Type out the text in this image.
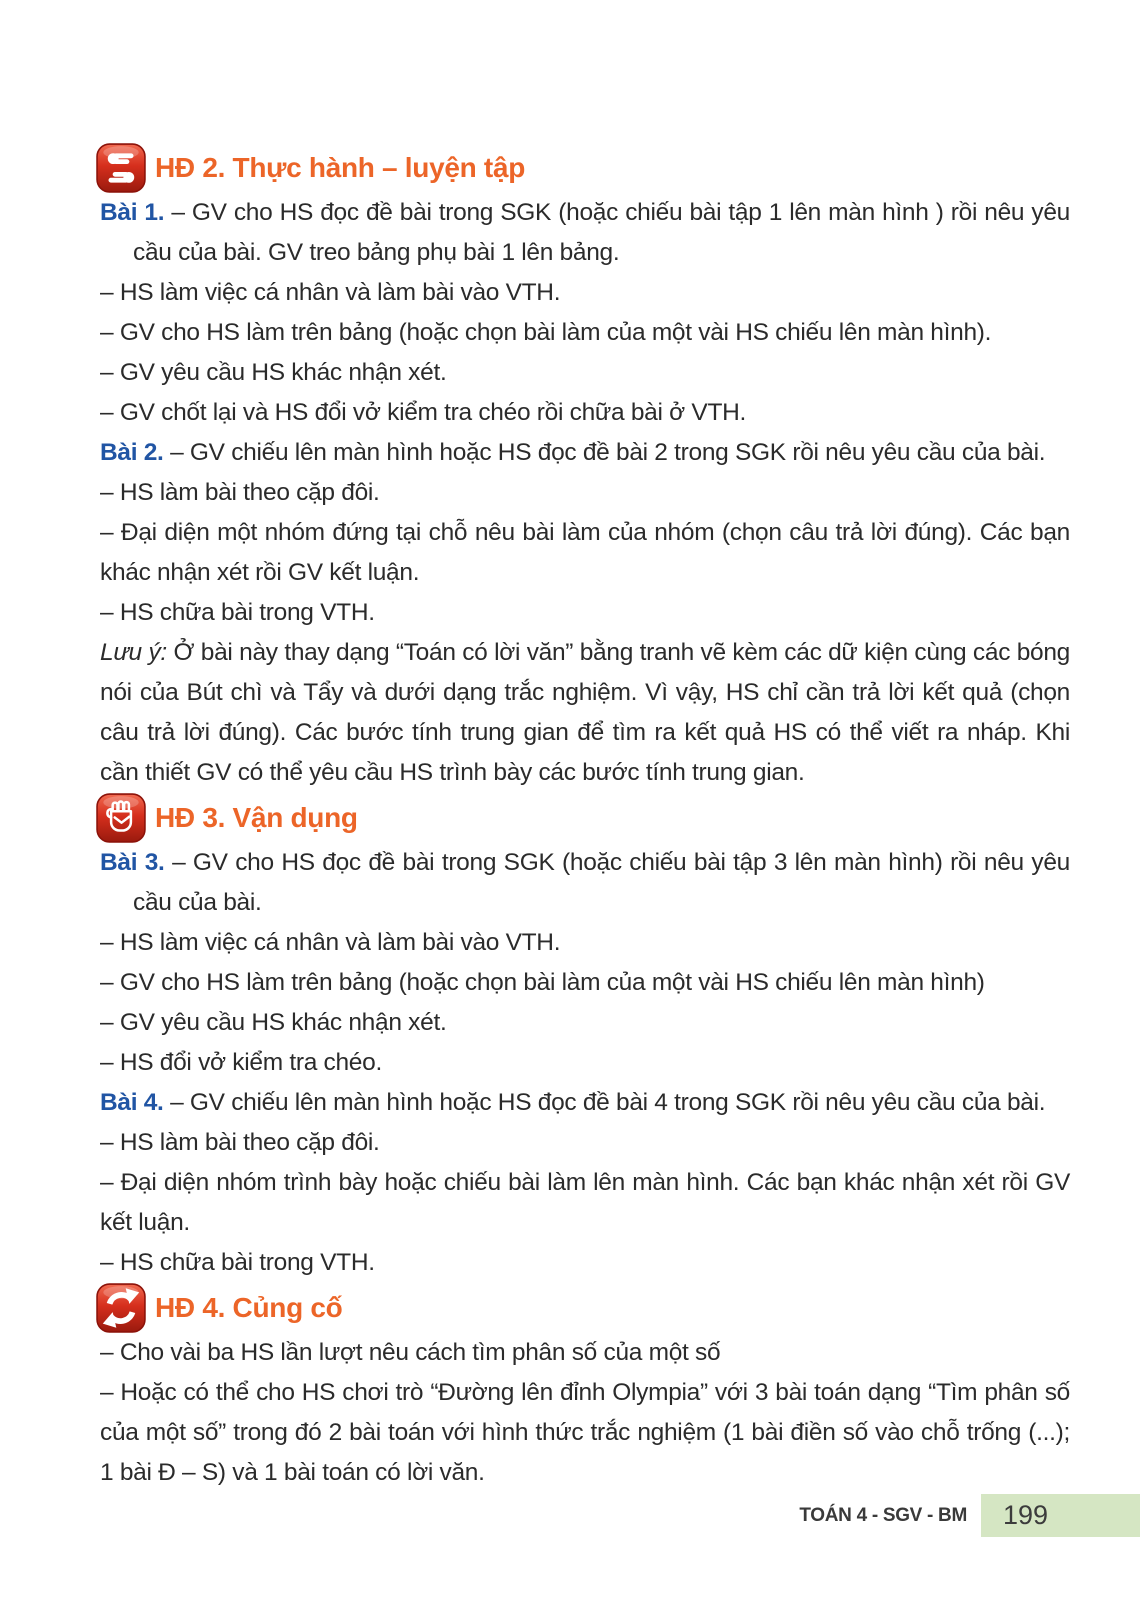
HĐ 2. Thực hành – luyện tập

Bài 1. – GV cho HS đọc đề bài trong SGK (hoặc chiếu bài tập 1 lên màn hình ) rồi nêu yêu cầu của bài. GV treo bảng phụ bài 1 lên bảng.

– HS làm việc cá nhân và làm bài vào VTH.

– GV cho HS làm trên bảng (hoặc chọn bài làm của một vài HS chiếu lên màn hình).

– GV yêu cầu HS khác nhận xét.

– GV chốt lại và HS đổi vở kiểm tra chéo rồi chữa bài ở VTH.

Bài 2. – GV chiếu lên màn hình hoặc HS đọc đề bài 2 trong SGK rồi nêu yêu cầu của bài.

– HS làm bài theo cặp đôi.

– Đại diện một nhóm đứng tại chỗ nêu bài làm của nhóm (chọn câu trả lời đúng). Các bạn khác nhận xét rồi GV kết luận.

– HS chữa bài trong VTH.

Lưu ý: Ở bài này thay dạng “Toán có lời văn” bằng tranh vẽ kèm các dữ kiện cùng các bóng nói của Bút chì và Tẩy và dưới dạng trắc nghiệm. Vì vậy, HS chỉ cần trả lời kết quả (chọn câu trả lời đúng). Các bước tính trung gian để tìm ra kết quả HS có thể viết ra nháp. Khi cần thiết GV có thể yêu cầu HS trình bày các bước tính trung gian.

HĐ 3. Vận dụng

Bài 3. – GV cho HS đọc đề bài trong SGK (hoặc chiếu bài tập 3 lên màn hình) rồi nêu yêu cầu của bài.

– HS làm việc cá nhân và làm bài vào VTH.

– GV cho HS làm trên bảng (hoặc chọn bài làm của một vài HS chiếu lên màn hình)

– GV yêu cầu HS khác nhận xét.

– HS đổi vở kiểm tra chéo.

Bài 4. – GV chiếu lên màn hình hoặc HS đọc đề bài 4 trong SGK rồi nêu yêu cầu của bài.

– HS làm bài theo cặp đôi.

– Đại diện nhóm trình bày hoặc chiếu bài làm lên màn hình. Các bạn khác nhận xét rồi GV kết luận.

– HS chữa bài trong VTH.

HĐ 4. Củng cố

– Cho vài ba HS lần lượt nêu cách tìm phân số của một số

– Hoặc có thể cho HS chơi trò “Đường lên đỉnh Olympia” với 3 bài toán dạng “Tìm phân số của một số” trong đó 2 bài toán với hình thức trắc nghiệm (1 bài điền số vào chỗ trống (...); 1 bài Đ – S) và 1 bài toán có lời văn.

TOÁN 4 - SGV - BM 199
